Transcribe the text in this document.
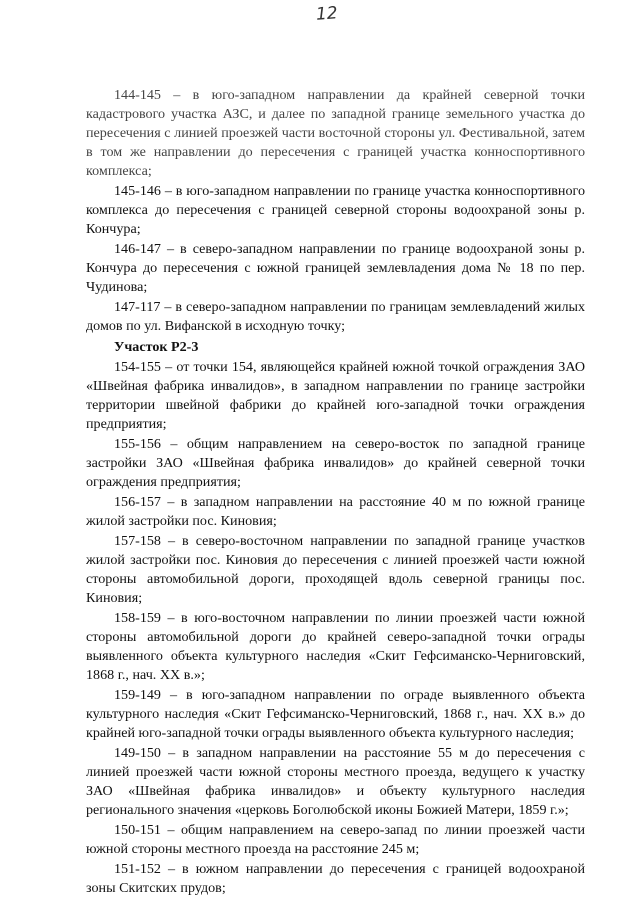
12

144-145 – в юго-западном направлении да крайней северной точки кадастрового участка АЗС, и далее по западной границе земельного участка до пересечения с линией проезжей части восточной стороны ул. Фестивальной, затем в том же направлении до пересечения с границей участка конноспортивного комплекса;

145-146 – в юго-западном направлении по границе участка конноспортивного комплекса до пересечения с границей северной стороны водоохраной зоны р. Кончура;

146-147 – в северо-западном направлении по границе водоохраной зоны р. Кончура до пересечения с южной границей землевладения дома № 18 по пер. Чудинова;

147-117 – в северо-западном направлении по границам землевладений жилых домов по ул. Вифанской в исходную точку;

Участок Р2-3

154-155 – от точки 154, являющейся крайней южной точкой ограждения ЗАО «Швейная фабрика инвалидов», в западном направлении по границе застройки территории швейной фабрики до крайней юго-западной точки ограждения предприятия;

155-156 – общим направлением на северо-восток по западной границе застройки ЗАО «Швейная фабрика инвалидов» до крайней северной точки ограждения предприятия;

156-157 – в западном направлении на расстояние 40 м по южной границе жилой застройки пос. Киновия;

157-158 – в северо-восточном направлении по западной границе участков жилой застройки пос. Киновия до пересечения с линией проезжей части южной стороны автомобильной дороги, проходящей вдоль северной границы пос. Киновия;

158-159 – в юго-восточном направлении по линии проезжей части южной стороны автомобильной дороги до крайней северо-западной точки ограды выявленного объекта культурного наследия «Скит Гефсиманско-Черниговский, 1868 г., нач. XX в.»;

159-149 – в юго-западном направлении по ограде выявленного объекта культурного наследия «Скит Гефсиманско-Черниговский, 1868 г., нач. XX в.» до крайней юго-западной точки ограды выявленного объекта культурного наследия;

149-150 – в западном направлении на расстояние 55 м до пересечения с линией проезжей части южной стороны местного проезда, ведущего к участку ЗАО «Швейная фабрика инвалидов» и объекту культурного наследия регионального значения «церковь Боголюбской иконы Божией Матери, 1859 г.»;

150-151 – общим направлением на северо-запад по линии проезжей части южной стороны местного проезда на расстояние 245 м;

151-152 – в южном направлении до пересечения с границей водоохраной зоны Скитских прудов;
